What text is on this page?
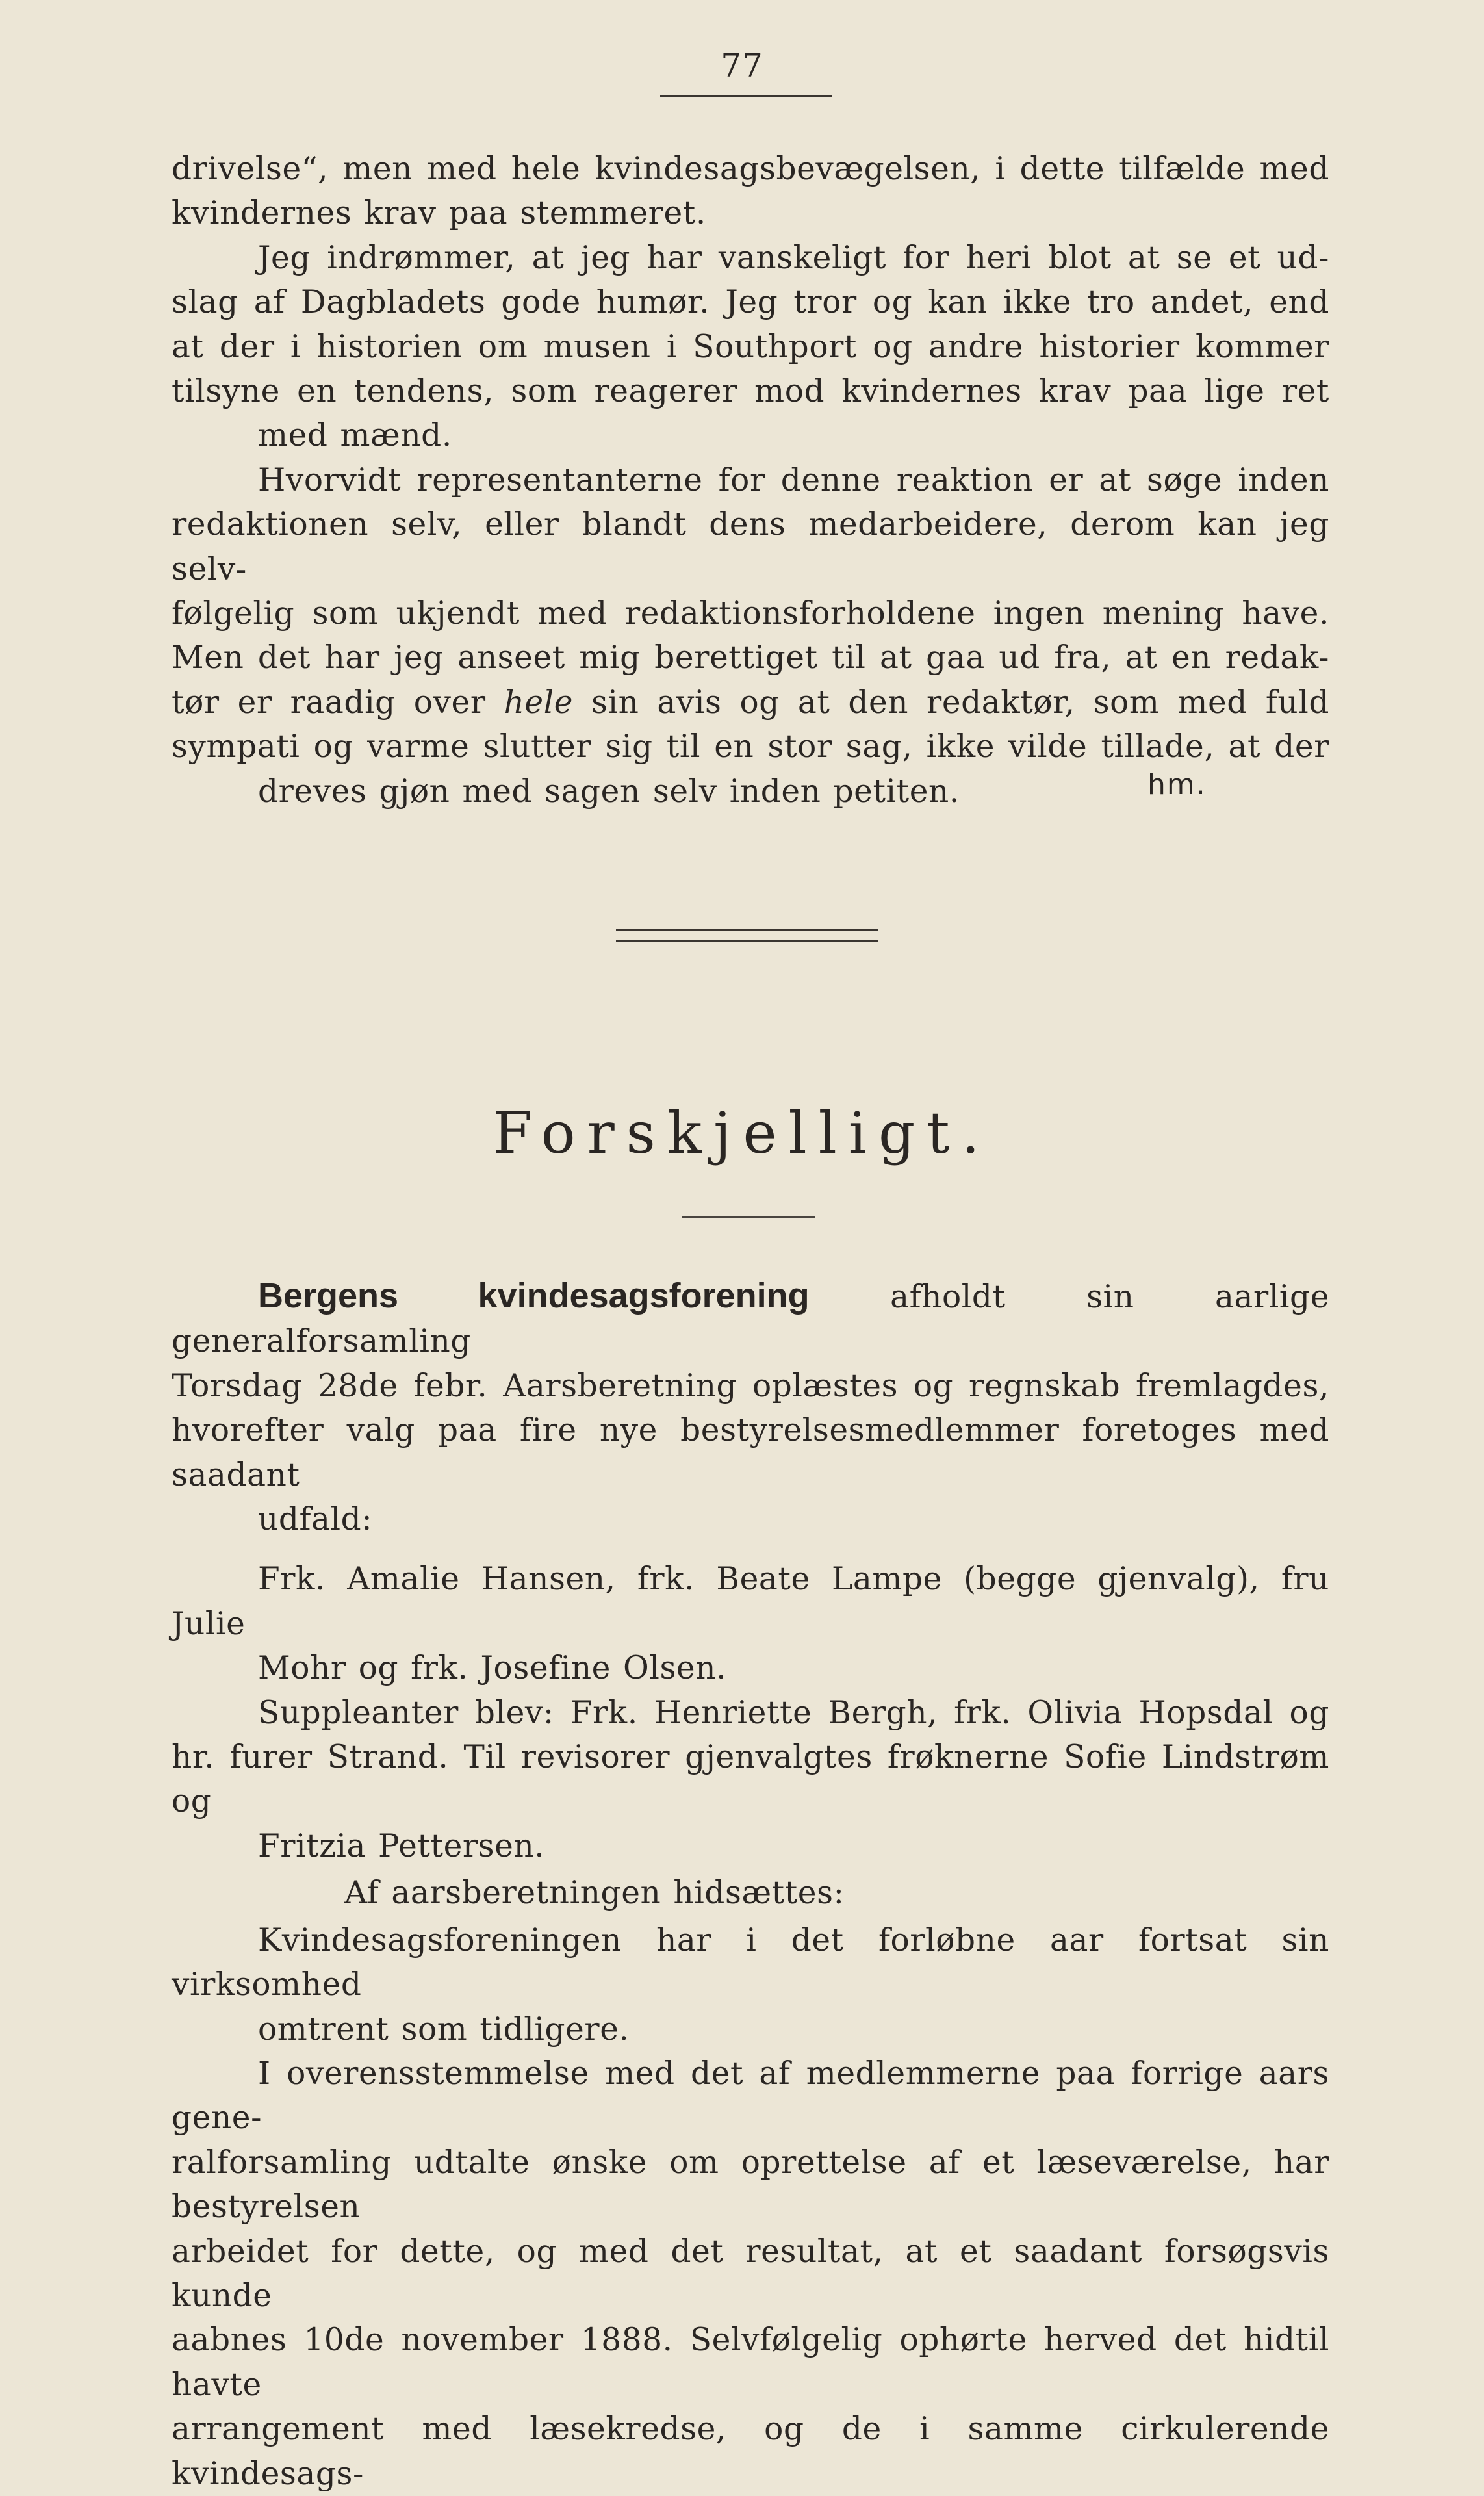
77

drivelse“, men med hele kvindesagsbevægelsen, i dette tilfælde med
kvindernes krav paa stemmeret.

Jeg indrømmer, at jeg har vanskeligt for heri blot at se et ud-
slag af Dagbladets gode humør. Jeg tror og kan ikke tro andet, end
at der i historien om musen i Southport og andre historier kommer
tilsyne en tendens, som reagerer mod kvindernes krav paa lige ret
med mænd.

Hvorvidt representanterne for denne reaktion er at søge inden
redaktionen selv, eller blandt dens medarbeidere, derom kan jeg selv-
følgelig som ukjendt med redaktionsforholdene ingen mening have.
Men det har jeg anseet mig berettiget til at gaa ud fra, at en redak-
tør er raadig over hele sin avis og at den redaktør, som med fuld
sympati og varme slutter sig til en stor sag, ikke vilde tillade, at der
dreves gjøn med sagen selv inden petiten.	hm.
Forskjelligt.

Bergens kvindesagsforening afholdt sin aarlige generalforsamling
Torsdag 28de febr. Aarsberetning oplæstes og regnskab fremlagdes,
hvorefter valg paa fire nye bestyrelsesmedlemmer foretoges med saadant
udfald:

Frk. Amalie Hansen, frk. Beate Lampe (begge gjenvalg), fru Julie
Mohr og frk. Josefine Olsen.

Suppleanter blev: Frk. Henriette Bergh, frk. Olivia Hopsdal og
hr. furer Strand. Til revisorer gjenvalgtes frøknerne Sofie Lindstrøm og
Fritzia Pettersen.

Af aarsberetningen hidsættes:

Kvindesagsforeningen har i det forløbne aar fortsat sin virksomhed
omtrent som tidligere.

I overensstemmelse med det af medlemmerne paa forrige aars gene-
ralforsamling udtalte ønske om oprettelse af et læseværelse, har bestyrelsen
arbeidet for dette, og med det resultat, at et saadant forsøgsvis kunde
aabnes 10de november 1888. Selvfølgelig ophørte herved det hidtil havte
arrangement med læsekredse, og de i samme cirkulerende kvindesags-
